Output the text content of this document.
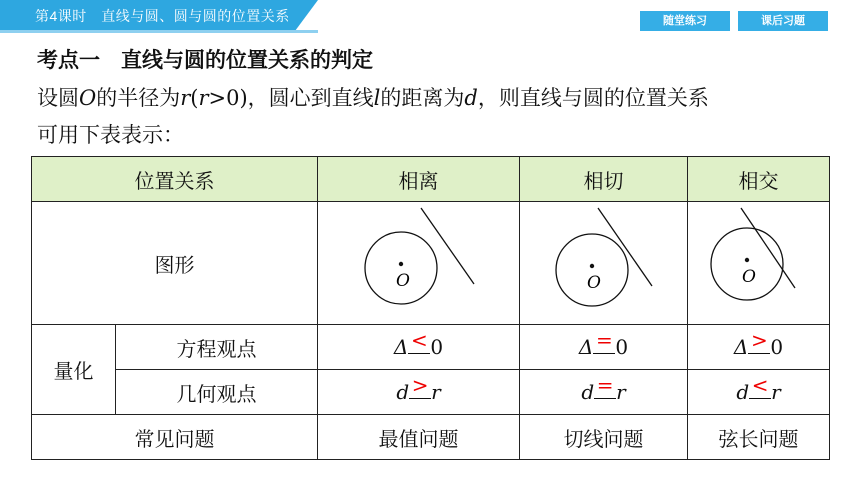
第4课时　直线与圆、圆与圆的位置关系	随堂练习	课后习题
考点一　直线与圆的位置关系的判定
设圆O的半径为r(r>0)，圆心到直线l的距离为d，则直线与圆的位置关系
可用下表表示：
位置关系		相离	相切	相交
图形		O	O	O

量化	方程观点	Δ < 0	Δ = 0	Δ > 0
	几何观点	d > r	d = r	d < r
常见问题		最值问题	切线问题	弦长问题
